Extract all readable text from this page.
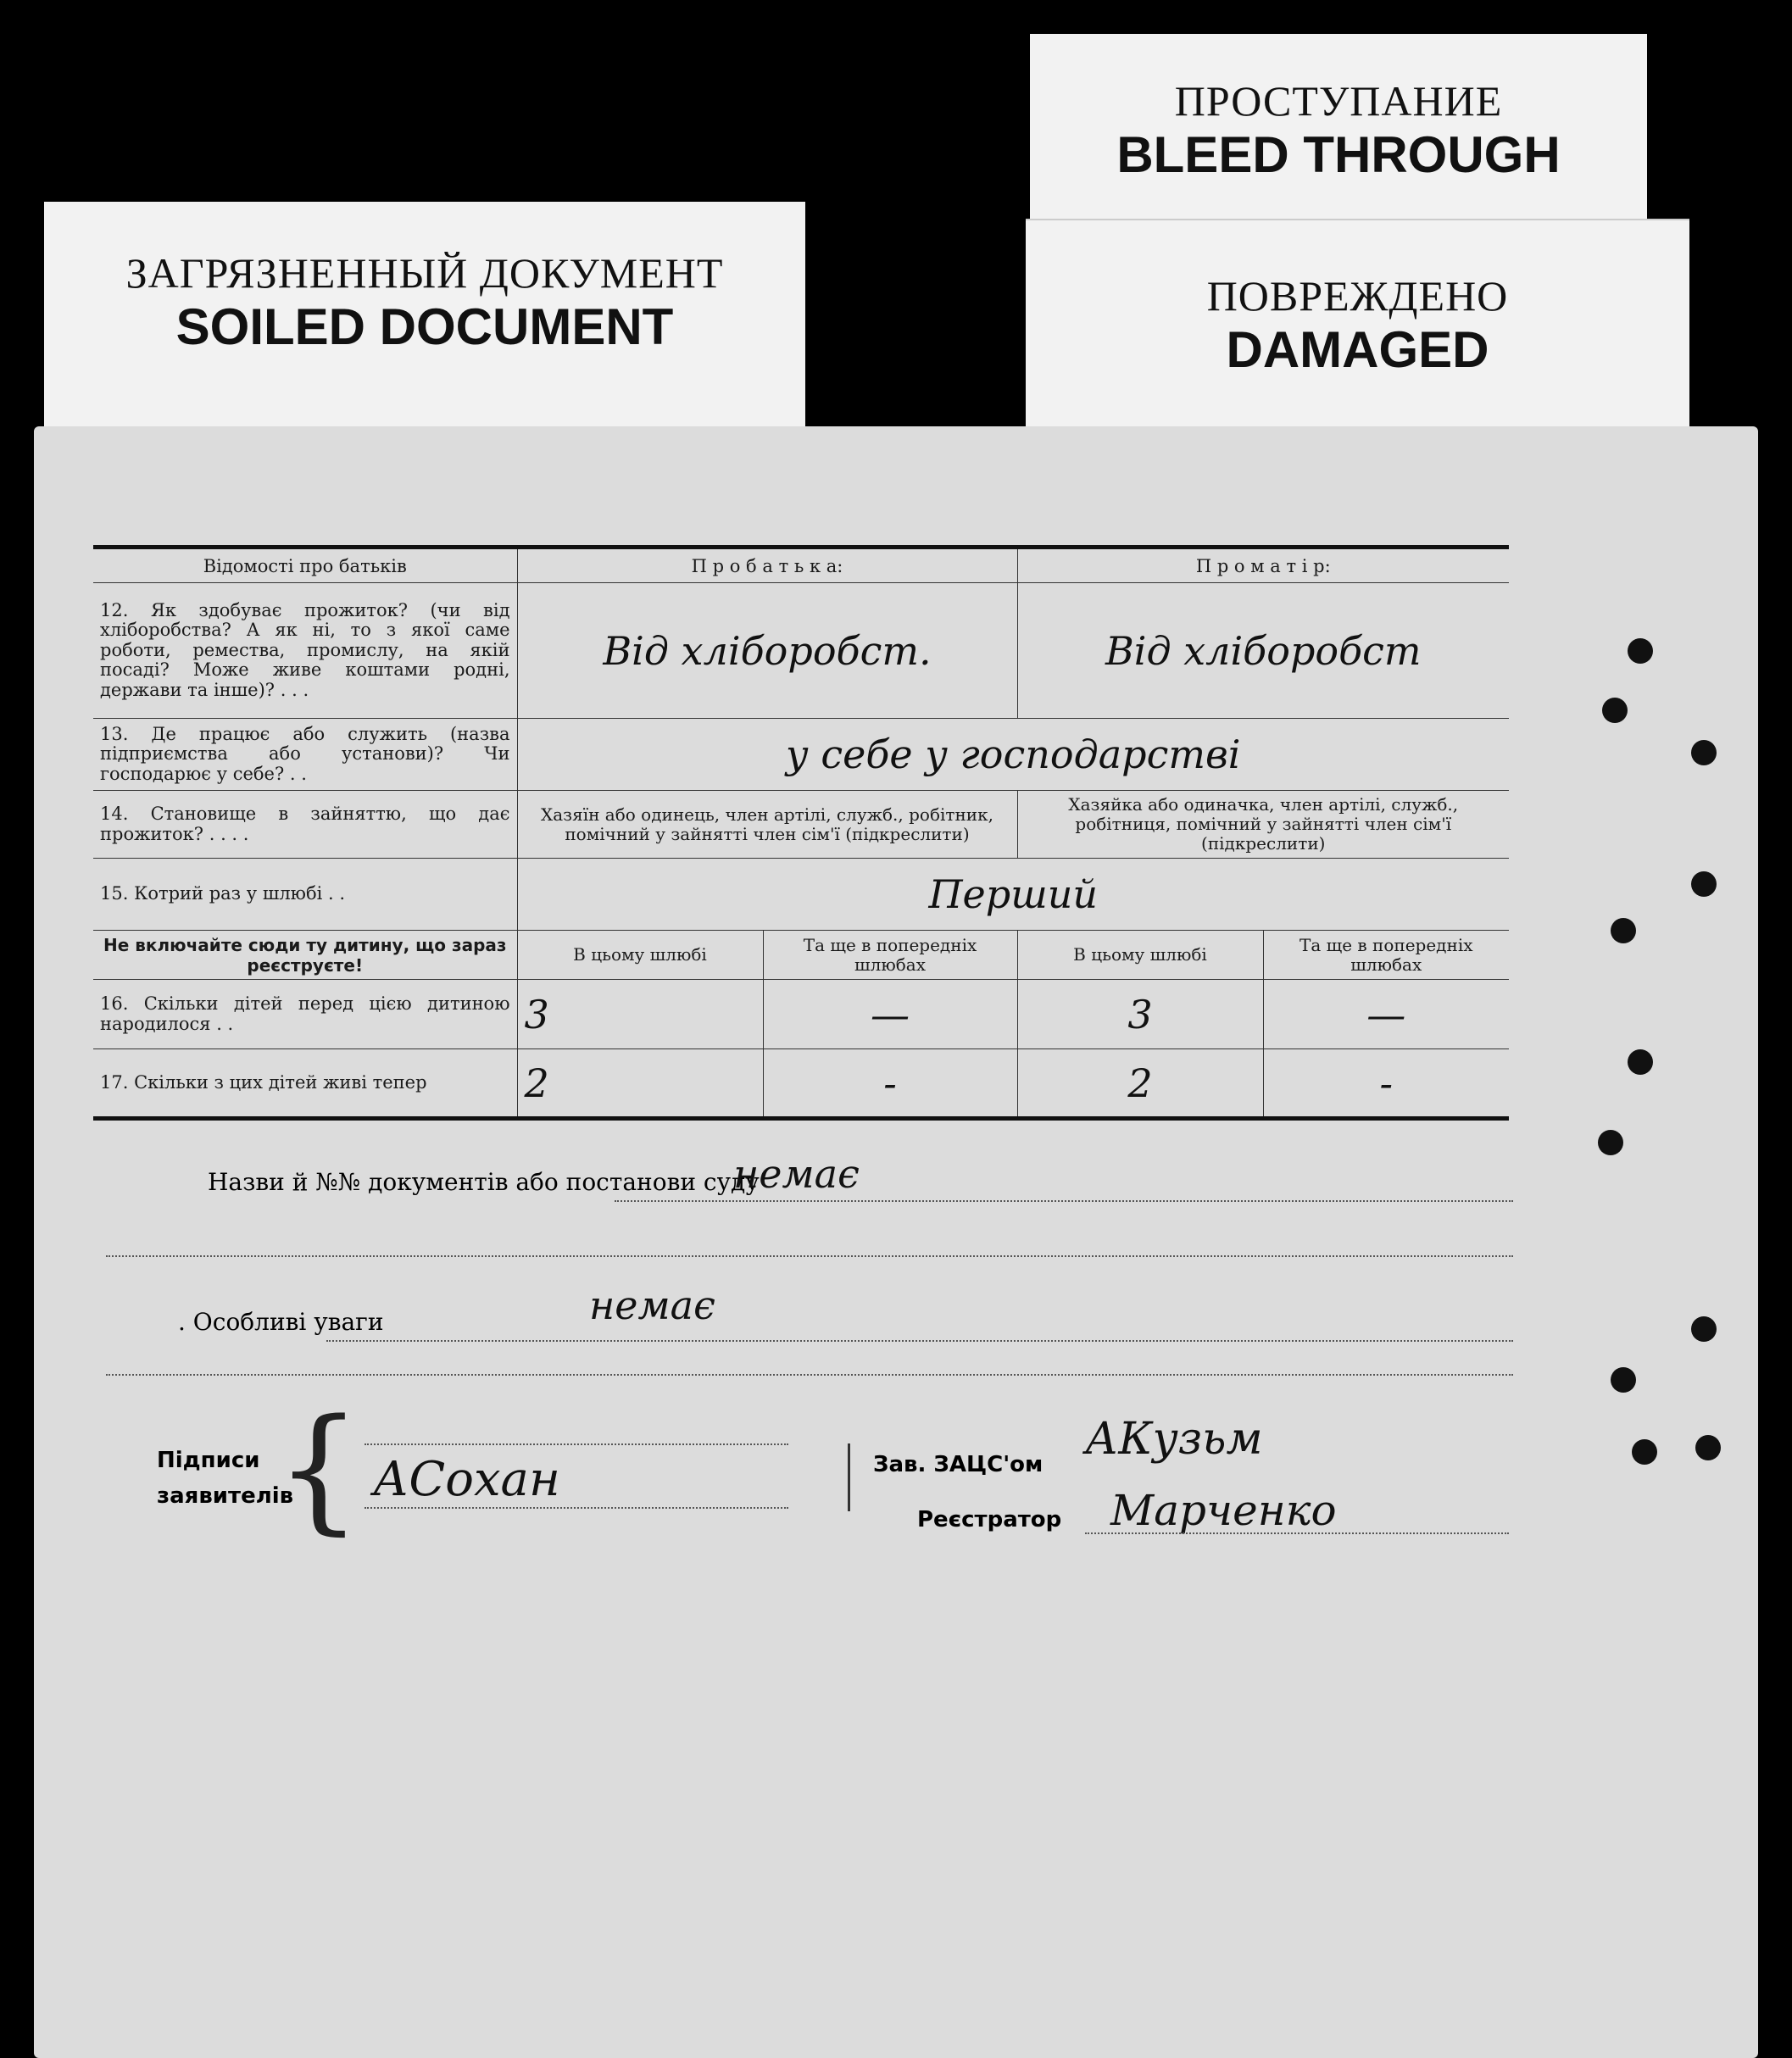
ЗАГРЯЗНЕННЫЙ ДОКУМЕНТ
SOILED DOCUMENT
ПРОСТУПАНИЕ
BLEED THROUGH
ПОВРЕЖДЕНО
DAMAGED
Відомості про батьків	П р о б а т ь к а:		П р о м а т і р:	
12. Як здобуває прожиток? (чи від хліборобства? А як ні, то з якої саме роботи, ремества, промислу, на якій посаді? Може живе коштами родні, держави та інше)? . . .	Від хліборобст.		Від хліборобст	
13. Де працює або служить (назва підприємства або установи)? Чи господарює у себе? . .	у себе у господарстві			
14. Становище в зайняттю, що дає прожиток? . . . .	Хазяїн або одинець, член артілі, служб., робітник, помічний у зайнятті член сім'ї (підкреслити)		Хазяйка або одиначка, член артілі, служб., робітниця, помічний у зайнятті член сім'ї (підкреслити)	
15. Котрий раз у шлюбі . .	Перший			
Не включайте сюди ту дитину, що зараз реєструєте!	В цьому шлюбі	Та ще в попередніх шлюбах	В цьому шлюбі	Та ще в попередніх шлюбах
16. Скільки дітей перед цією дитиною народилося . .	3	—	3	—
17. Скільки з цих дітей живі тепер	2	-	2	-
Назви й №№ документів або постанови суду
немає
. Особливі уваги	немає
Підписи заявителів
{ АСохан	Зав. ЗАЦС'ом АКузьм
Реєстратор Марченко
